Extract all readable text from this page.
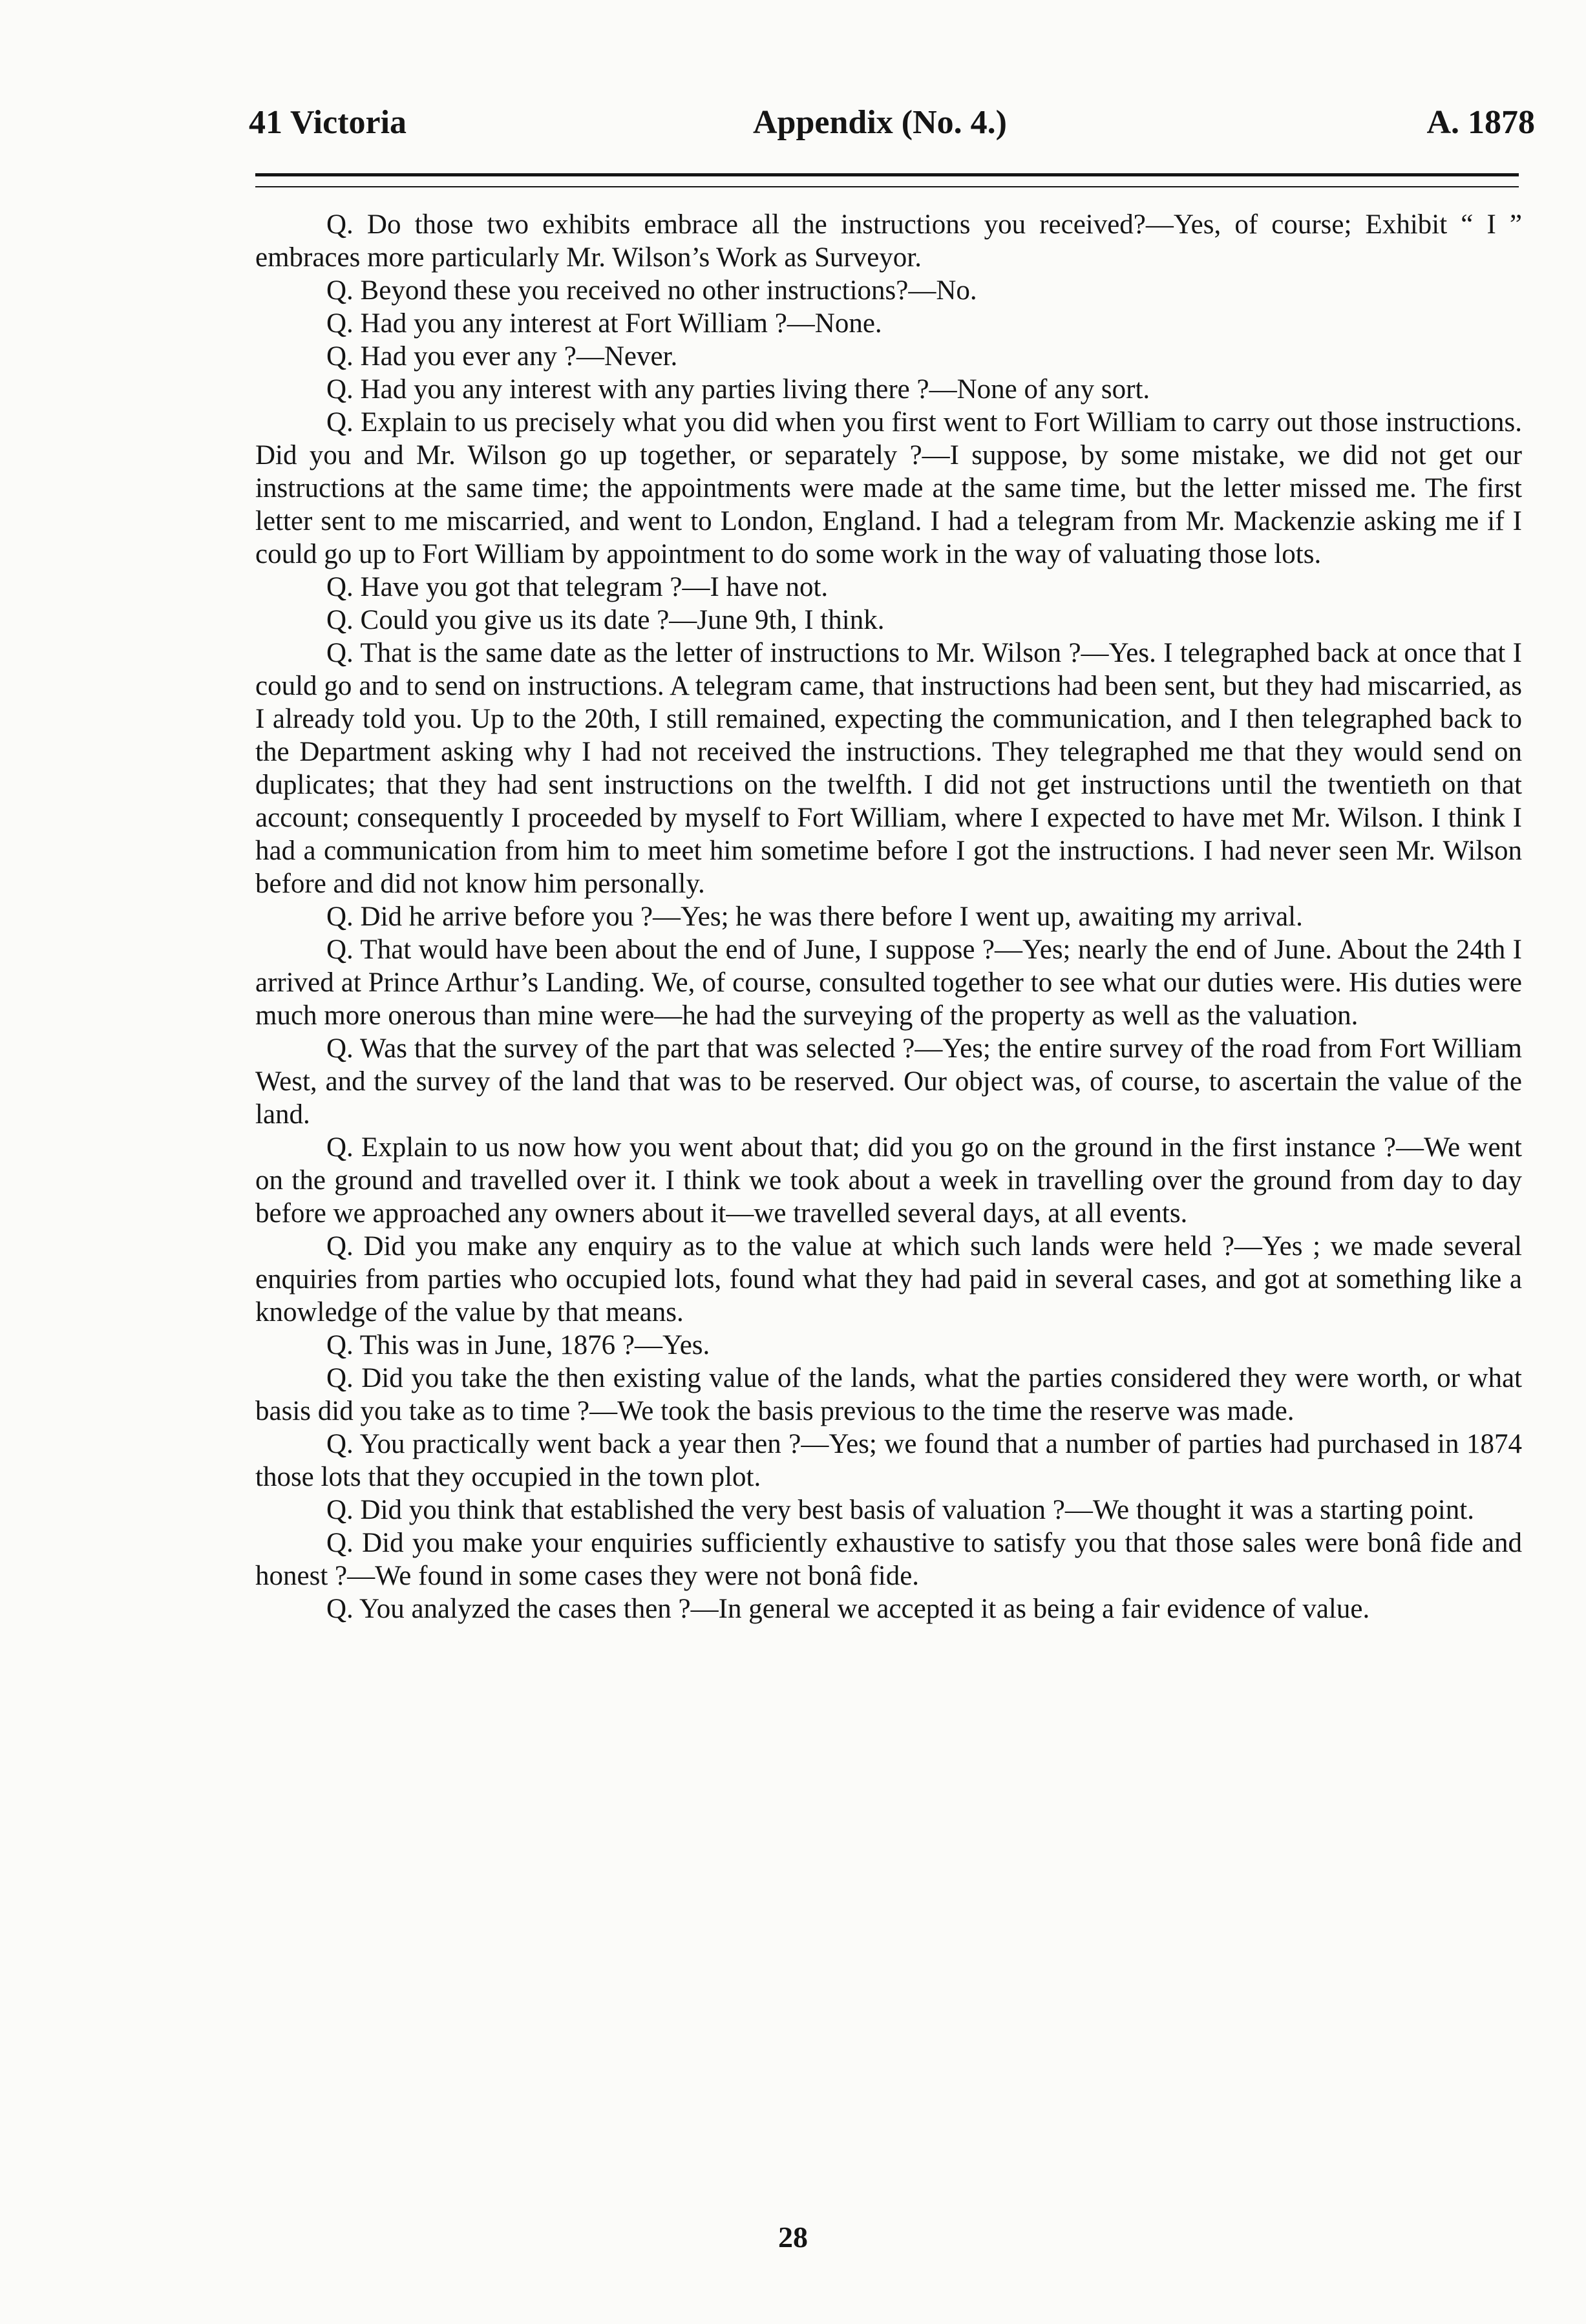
41 Victoria	Appendix (No. 4.)	A. 1878

Q. Do those two exhibits embrace all the instructions you received?—Yes, of course; Exhibit “ I ” embraces more particularly Mr. Wilson’s Work as Surveyor.

Q. Beyond these you received no other instructions?—No.

Q. Had you any interest at Fort William ?—None.

Q. Had you ever any ?—Never.

Q. Had you any interest with any parties living there ?—None of any sort.

Q. Explain to us precisely what you did when you first went to Fort William to carry out those instructions. Did you and Mr. Wilson go up together, or separately ?—I suppose, by some mistake, we did not get our instructions at the same time; the appointments were made at the same time, but the letter missed me. The first letter sent to me miscarried, and went to London, England. I had a telegram from Mr. Mackenzie asking me if I could go up to Fort William by appointment to do some work in the way of valuating those lots.

Q. Have you got that telegram ?—I have not.

Q. Could you give us its date ?—June 9th, I think.

Q. That is the same date as the letter of instructions to Mr. Wilson ?—Yes. I telegraphed back at once that I could go and to send on instructions. A telegram came, that instructions had been sent, but they had miscarried, as I already told you. Up to the 20th, I still remained, expecting the communication, and I then telegraphed back to the Department asking why I had not received the instructions. They telegraphed me that they would send on duplicates; that they had sent instructions on the twelfth. I did not get instructions until the twentieth on that account; consequently I proceeded by myself to Fort William, where I expected to have met Mr. Wilson. I think I had a communication from him to meet him sometime before I got the instructions. I had never seen Mr. Wilson before and did not know him personally.

Q. Did he arrive before you ?—Yes; he was there before I went up, awaiting my arrival.

Q. That would have been about the end of June, I suppose ?—Yes; nearly the end of June. About the 24th I arrived at Prince Arthur’s Landing. We, of course, consulted together to see what our duties were. His duties were much more onerous than mine were—he had the surveying of the property as well as the valuation.

Q. Was that the survey of the part that was selected ?—Yes; the entire survey of the road from Fort William West, and the survey of the land that was to be reserved. Our object was, of course, to ascertain the value of the land.

Q. Explain to us now how you went about that; did you go on the ground in the first instance ?—We went on the ground and travelled over it. I think we took about a week in travelling over the ground from day to day before we approached any owners about it—we travelled several days, at all events.

Q. Did you make any enquiry as to the value at which such lands were held ?—Yes ; we made several enquiries from parties who occupied lots, found what they had paid in several cases, and got at something like a knowledge of the value by that means.

Q. This was in June, 1876 ?—Yes.

Q. Did you take the then existing value of the lands, what the parties considered they were worth, or what basis did you take as to time ?—We took the basis previous to the time the reserve was made.

Q. You practically went back a year then ?—Yes; we found that a number of parties had purchased in 1874 those lots that they occupied in the town plot.

Q. Did you think that established the very best basis of valuation ?—We thought it was a starting point.

Q. Did you make your enquiries sufficiently exhaustive to satisfy you that those sales were bonâ fide and honest ?—We found in some cases they were not bonâ fide.

Q. You analyzed the cases then ?—In general we accepted it as being a fair evidence of value.

28
